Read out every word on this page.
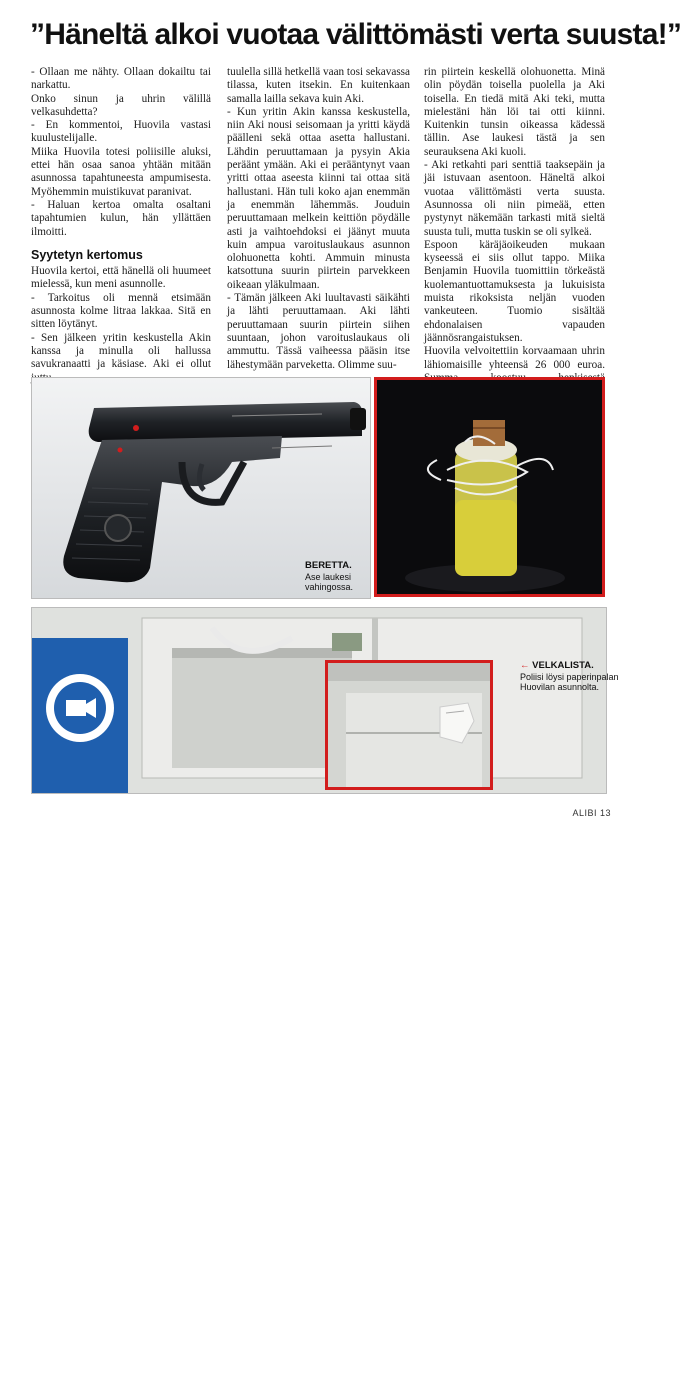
”Häneltä alkoi vuotaa välittömästi verta suusta!”

- Ollaan me nähty. Ollaan dokailtu tai narkattu.

Onko sinun ja uhrin välillä velkasuhdetta?

- En kommentoi, Huovila vastasi kuulustelijalle.

Miika Huovila totesi poliisille aluksi, ettei hän osaa sanoa yhtään mitään asunnossa tapahtuneesta ampumisesta. Myöhemmin muistikuvat paranivat.

- Haluan kertoa omalta osaltani tapahtumien kulun, hän yllättäen ilmoitti.

Syytetyn kertomus

Huovila kertoi, että hänellä oli huumeet mielessä, kun meni asunnolle.

- Tarkoitus oli mennä etsimään asunnosta kolme litraa lakkaa. Sitä en sitten löytänyt.

- Sen jälkeen yritin keskustella Akin kanssa ja minulla oli hallussa savukranaatti ja käsiase. Aki ei ollut

tuulella sillä hetkellä vaan tosi sekavassa tilassa, kuten itsekin. En kuitenkaan samalla lailla sekava kuin Aki.

- Kun yritin Akin kanssa keskustella, niin Aki nousi seisomaan ja yritti käydä päälleni sekä ottaa asetta hallustani. Lähdin peruuttamaan ja pysyin Akia peräänt ymään. Aki ei perääntynyt vaan yritti ottaa aseesta kiinni tai ottaa sitä hallustani. Hän tuli koko ajan enemmän ja enemmän lähemmäs. Jouduin peruuttamaan melkein keittiön pöydälle asti ja vaihtoehdoksi ei jäänyt muuta kuin ampua varoituslaukaus asunnon olohuonetta kohti. Ammuin minusta katsottuna suurin piirtein parvekkeen oikeaan yläkulmaan.

- Tämän jälkeen Aki luultavasti säikähti ja lähti peruuttamaan. Aki lähti peruuttamaan suurin piirtein siihen suuntaan, johon varoituslaukaus oli ammuttu. Tässä vaiheessa pääsin itse lähestymään parveketta. Olimme suu-

rin piirtein keskellä olohuonetta. Minä olin pöydän toisella puolella ja Aki toisella. En tiedä mitä Aki teki, mutta mielestäni hän löi tai otti kiinni. Kuitenkin tunsin oikeassa kädessä tällin. Ase laukesi tästä ja sen seurauksena Aki kuoli.

- Aki retkahti pari senttiä taaksepäin ja jäi istuvaan asentoon. Häneltä alkoi vuotaa välittömästi verta suusta. Asunnossa oli niin pimeää, etten pystynyt näkemään tarkasti mitä sieltä suusta tuli, mutta tuskin se oli sylkeä.

Espoon käräjäoikeuden mukaan kyseessä ei siis ollut tappo. Miika Benjamin Huovila tuomittiin törkeästä kuolemantuottamuksesta ja lukuisista muista rikoksista neljän vuoden vankeuteen. Tuomio sisältää ehdonalaisen vapauden jäännösrangaistuksen.

Huovila velvoitettiin korvaamaan uhrin lähiomaisille yhteensä 26 000 euroa.

BERETTA.
Ase laukesi vahingossa.

Alueella
← VELKALISTA.
Poliisi löysi paperinpalan Huovilan asunnolta.
ALIBI 13
